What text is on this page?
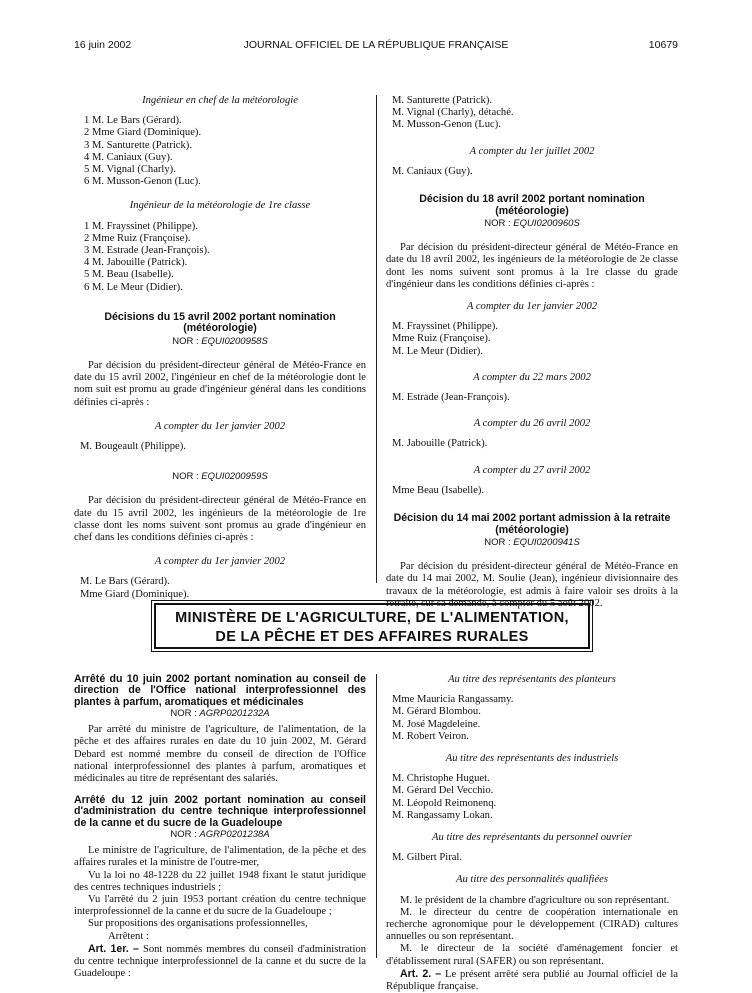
16 juin 2002	JOURNAL OFFICIEL DE LA RÉPUBLIQUE FRANÇAISE	10679

Ingénieur en chef de la météorologie

1 M. Le Bars (Gérard).

2 Mme Giard (Dominique).

3 M. Santurette (Patrick).

4 M. Caniaux (Guy).

5 M. Vignal (Charly).

6 M. Musson-Genon (Luc).

Ingénieur de la météorologie de 1re classe

1 M. Frayssinet (Philippe).

2 Mme Ruiz (Françoise).

3 M. Estrade (Jean-François).

4 M. Jabouille (Patrick).

5 M. Beau (Isabelle).

6 M. Le Meur (Didier).

Décisions du 15 avril 2002 portant nomination (météorologie)

NOR : EQUI0200958S

Par décision du président-directeur général de Météo-France en date du 15 avril 2002, l'ingénieur en chef de la météorologie dont le nom suit est promu au grade d'ingénieur général dans les conditions définies ci-après :

A compter du 1er janvier 2002

M. Bougeault (Philippe).

NOR : EQUI0200959S

Par décision du président-directeur général de Météo-France en date du 15 avril 2002, les ingénieurs de la météorologie de 1re classe dont les noms suivent sont promus au grade d'ingénieur en chef dans les conditions définies ci-après :

A compter du 1er janvier 2002

M. Le Bars (Gérard).

Mme Giard (Dominique).

M. Santurette (Patrick).

M. Vignal (Charly), détaché.

M. Musson-Genon (Luc).

A compter du 1er juillet 2002

M. Caniaux (Guy).

Décision du 18 avril 2002 portant nomination (météorologie)

NOR : EQUI0200960S

Par décision du président-directeur général de Météo-France en date du 18 avril 2002, les ingénieurs de la météorologie de 2e classe dont les noms suivent sont promus à la 1re classe du grade d'ingénieur dans les conditions définies ci-après :

A compter du 1er janvier 2002

M. Frayssinet (Philippe).

Mme Ruiz (Françoise).

M. Le Meur (Didier).

A compter du 22 mars 2002

M. Estrade (Jean-François).

A compter du 26 avril 2002

M. Jabouille (Patrick).

A compter du 27 avril 2002

Mme Beau (Isabelle).

Décision du 14 mai 2002 portant admission à la retraite (météorologie)

NOR : EQUI0200941S

Par décision du président-directeur général de Météo-France en date du 14 mai 2002, M. Soulie (Jean), ingénieur divisionnaire des travaux de la météorologie, est admis à faire valoir ses droits à la retraite, sur sa demande, à compter du 5 août 2002.

MINISTÈRE DE L'AGRICULTURE, DE L'ALIMENTATION,
DE LA PÊCHE ET DES AFFAIRES RURALES

Arrêté du 10 juin 2002 portant nomination au conseil de direction de l'Office national interprofessionnel des plantes à parfum, aromatiques et médicinales

NOR : AGRP0201232A

Par arrêté du ministre de l'agriculture, de l'alimentation, de la pêche et des affaires rurales en date du 10 juin 2002, M. Gérard Debard est nommé membre du conseil de direction de l'Office national interprofessionnel des plantes à parfum, aromatiques et médicinales au titre de représentant des salariés.

Arrêté du 12 juin 2002 portant nomination au conseil d'administration du centre technique interprofessionnel de la canne et du sucre de la Guadeloupe

NOR : AGRP0201238A

Le ministre de l'agriculture, de l'alimentation, de la pêche et des affaires rurales et la ministre de l'outre-mer,

Vu la loi no 48-1228 du 22 juillet 1948 fixant le statut juridique des centres techniques industriels ;

Vu l'arrêté du 2 juin 1953 portant création du centre technique interprofessionnel de la canne et du sucre de la Guadeloupe ;

Sur propositions des organisations professionnelles,

Arrêtent :

Art. 1er. – Sont nommés membres du conseil d'administration du centre technique interprofessionnel de la canne et du sucre de la Guadeloupe :

Au titre des représentants des planteurs

Mme Mauricia Rangassamy.

M. Gérard Blombou.

M. José Magdeleine.

M. Robert Veiron.

Au titre des représentants des industriels

M. Christophe Huguet.

M. Gérard Del Vecchio.

M. Léopold Reimonenq.

M. Rangassamy Lokan.

Au titre des représentants du personnel ouvrier

M. Gilbert Piral.

Au titre des personnalités qualifiées

M. le président de la chambre d'agriculture ou son représentant.

M. le directeur du centre de coopération internationale en recherche agronomique pour le développement (CIRAD) cultures annuelles ou son représentant.

M. le directeur de la société d'aménagement foncier et d'établissement rural (SAFER) ou son représentant.

Art. 2. – Le présent arrêté sera publié au Journal officiel de la République française.
